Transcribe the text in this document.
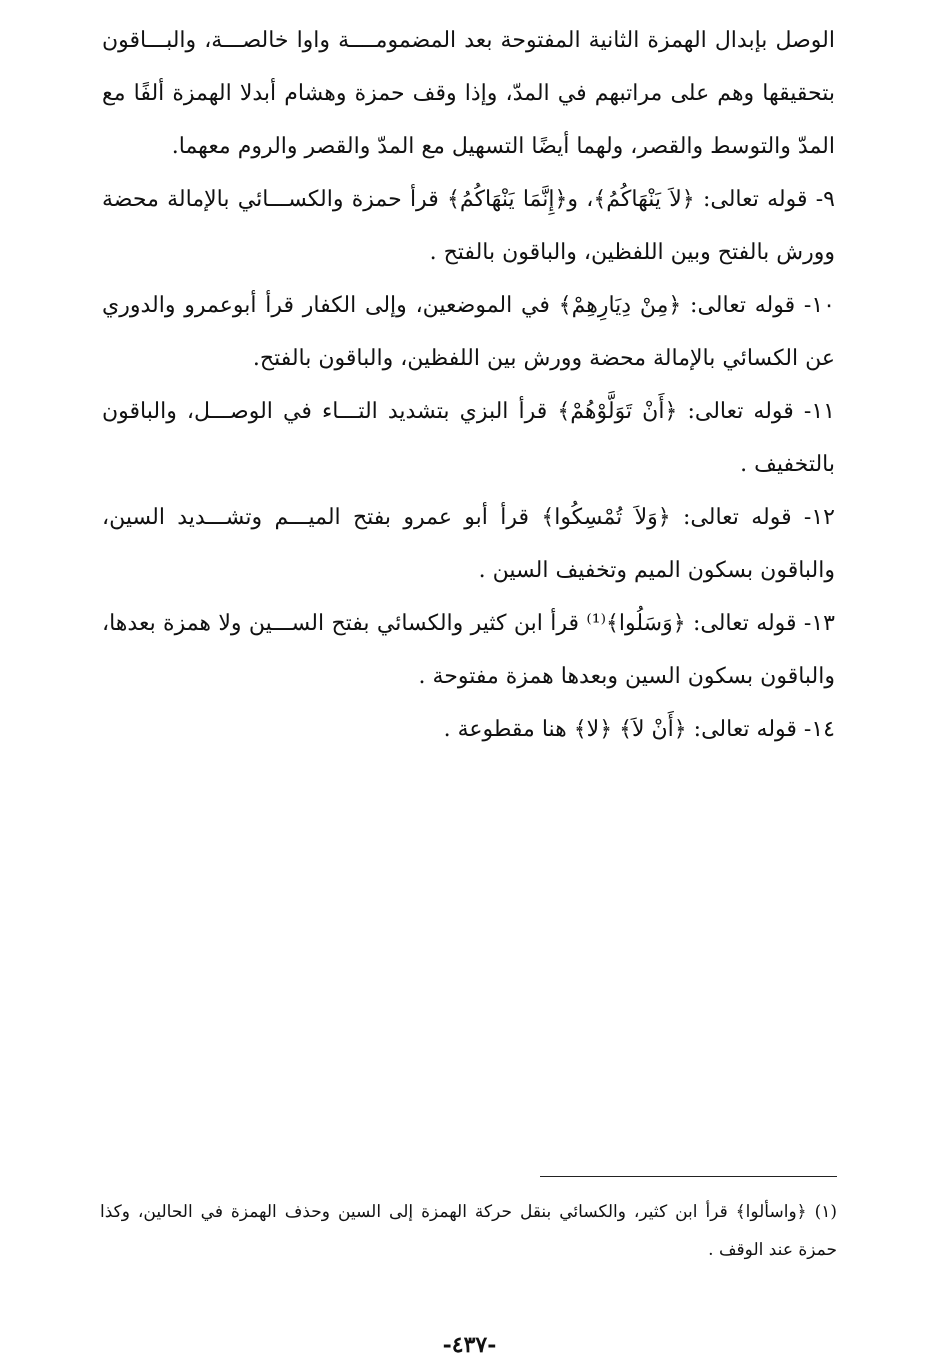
الوصل بإبدال الهمزة الثانية المفتوحة بعد المضمومــــة واوا خالصـــة، والبـــاقون بتحقيقها وهم على مراتبهم في المدّ، وإذا وقف حمزة وهشام أبدلا الهمزة ألفًا مع المدّ والتوسط والقصر، ولهما أيضًا التسهيل مع المدّ والقصر والروم معهما.

٩- قوله تعالى: ﴿لاَ يَنْهَاكُمُ﴾، و﴿إِنَّمَا يَنْهَاكُمُ﴾ قرأ حمزة والكســـائي بالإمالة محضة وورش بالفتح وبين اللفظين، والباقون بالفتح .

١٠- قوله تعالى: ﴿مِنْ دِيَارِهِمْ﴾ في الموضعين، وإلى الكفار قرأ أبوعمرو والدوري عن الكسائي بالإمالة محضة وورش بين اللفظين، والباقون بالفتح.

١١- قوله تعالى: ﴿أَنْ تَوَلَّوْهُمْ﴾ قرأ البزي بتشديد التـــاء في الوصـــل، والباقون بالتخفيف .

١٢- قوله تعالى: ﴿وَلاَ تُمْسِكُوا﴾ قرأ أبو عمرو بفتح الميـــم وتشـــديد السين، والباقون بسكون الميم وتخفيف السين .

١٣- قوله تعالى: ﴿وَسَلُوا﴾⁽¹⁾ قرأ ابن كثير والكسائي بفتح الســـين ولا همزة بعدها، والباقون بسكون السين وبعدها همزة مفتوحة .

١٤- قوله تعالى: ﴿أَنْ لاَ﴾ ﴿لا﴾ هنا مقطوعة .

(١) ﴿واسألوا﴾ قرأ ابن كثير، والكسائي بنقل حركة الهمزة إلى السين وحذف الهمزة في الحالين، وكذا حمزة عند الوقف .

-٤٣٧-
